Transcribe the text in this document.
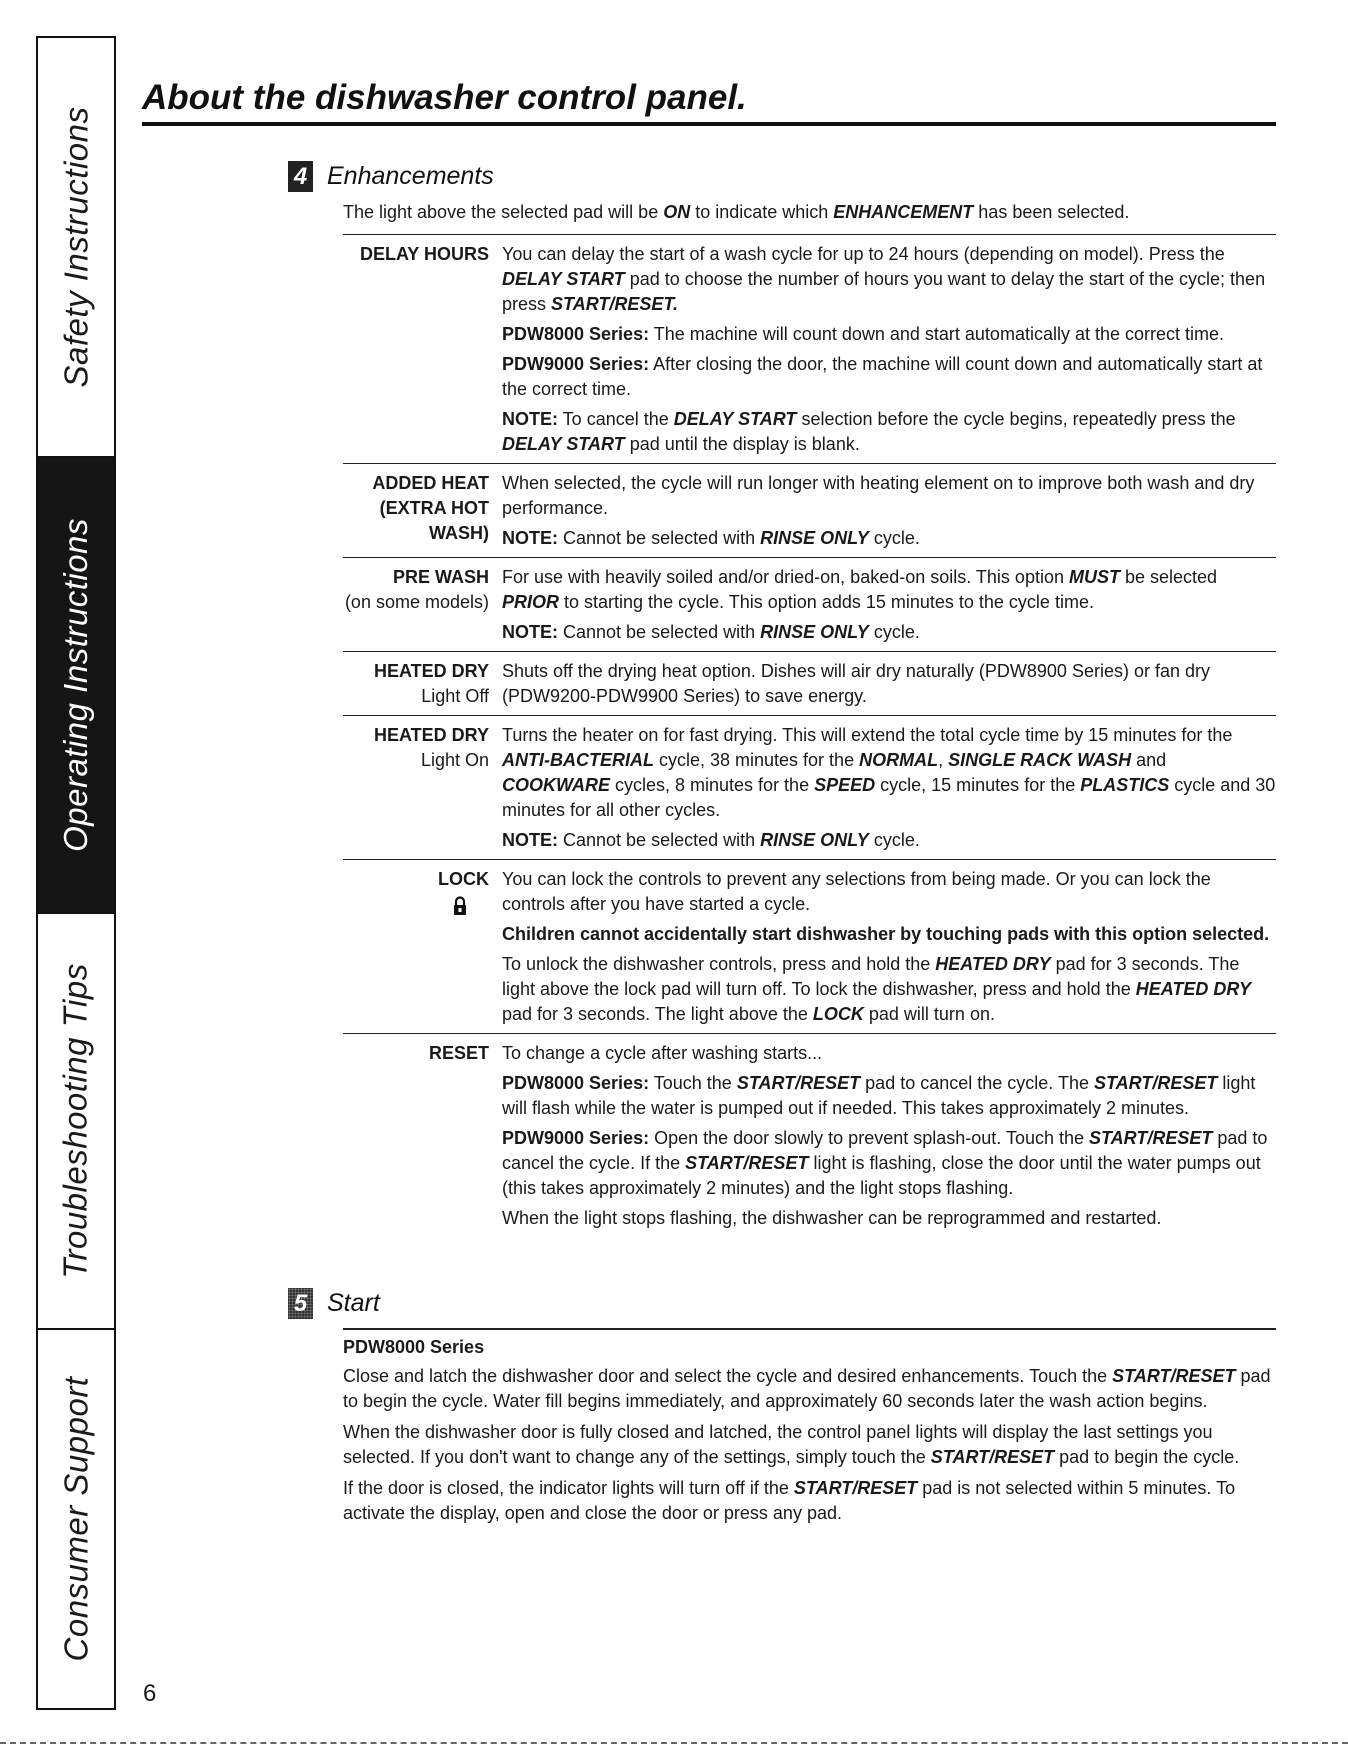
Safety Instructions
Operating Instructions
Troubleshooting Tips
Consumer Support
About the dishwasher control panel.
4 Enhancements
The light above the selected pad will be ON to indicate which ENHANCEMENT has been selected.
DELAY HOURS You can delay the start of a wash cycle for up to 24 hours (depending on model). Press the DELAY START pad to choose the number of hours you want to delay the start of the cycle; then press START/RESET.

PDW8000 Series: The machine will count down and start automatically at the correct time.

PDW9000 Series: After closing the door, the machine will count down and automatically start at the correct time.

NOTE: To cancel the DELAY START selection before the cycle begins, repeatedly press the DELAY START pad until the display is blank.

ADDED HEAT
(EXTRA HOT WASH)

When selected, the cycle will run longer with heating element on to improve both wash and dry performance.

NOTE: Cannot be selected with RINSE ONLY cycle.

PRE WASH
(on some models)

For use with heavily soiled and/or dried-on, baked-on soils. This option MUST be selected PRIOR to starting the cycle. This option adds 15 minutes to the cycle time.

NOTE: Cannot be selected with RINSE ONLY cycle.

HEATED DRY
Light Off

Shuts off the drying heat option. Dishes will air dry naturally (PDW8900 Series) or fan dry (PDW9200-PDW9900 Series) to save energy.

HEATED DRY
Light On

Turns the heater on for fast drying. This will extend the total cycle time by 15 minutes for the ANTI-BACTERIAL cycle, 38 minutes for the NORMAL, SINGLE RACK WASH and COOKWARE cycles, 8 minutes for the SPEED cycle, 15 minutes for the PLASTICS cycle and 30 minutes for all other cycles.

NOTE: Cannot be selected with RINSE ONLY cycle.

LOCK You can lock the controls to prevent any selections from being made. Or you can lock the controls after you have started a cycle.

Children cannot accidentally start dishwasher by touching pads with this option selected.

To unlock the dishwasher controls, press and hold the HEATED DRY pad for 3 seconds. The light above the lock pad will turn off. To lock the dishwasher, press and hold the HEATED DRY pad for 3 seconds. The light above the LOCK pad will turn on.

RESET To change a cycle after washing starts...

PDW8000 Series: Touch the START/RESET pad to cancel the cycle. The START/RESET light will flash while the water is pumped out if needed. This takes approximately 2 minutes.

PDW9000 Series: Open the door slowly to prevent splash-out. Touch the START/RESET pad to cancel the cycle. If the START/RESET light is flashing, close the door until the water pumps out (this takes approximately 2 minutes) and the light stops flashing.

When the light stops flashing, the dishwasher can be reprogrammed and restarted.

5 Start

PDW8000 Series

Close and latch the dishwasher door and select the cycle and desired enhancements. Touch the START/RESET pad to begin the cycle. Water fill begins immediately, and approximately 60 seconds later the wash action begins.

When the dishwasher door is fully closed and latched, the control panel lights will display the last settings you selected. If you don't want to change any of the settings, simply touch the START/RESET pad to begin the cycle.

If the door is closed, the indicator lights will turn off if the START/RESET pad is not selected within 5 minutes. To activate the display, open and close the door or press any pad.

6
